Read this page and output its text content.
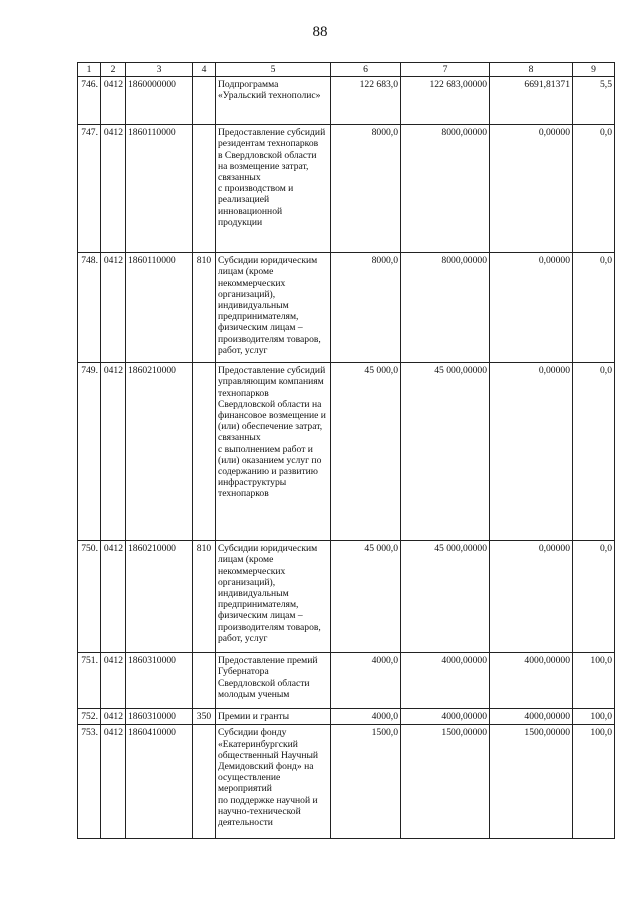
88
1	2	3	4	5	6	7	8	9
746.	0412	1860000000		Подпрограмма «Уральский технополис»	122 683,0	122 683,00000	6691,81371	5,5
747.	0412	1860110000		Предоставление субсидий резидентам технопарков
в Свердловской области на возмещение затрат, связанных
с производством и реализацией инновационной продукции	8000,0	8000,00000	0,00000	0,0
748.	0412	1860110000	810	Субсидии юридическим лицам (кроме некоммерческих организаций), индивидуальным предпринимателям, физическим лицам – производителям товаров, работ, услуг	8000,0	8000,00000	0,00000	0,0
749.	0412	1860210000		Предоставление субсидий управляющим компаниям технопарков Свердловской области на финансовое возмещение и (или) обеспечение затрат, связанных
с выполнением работ и (или) оказанием услуг по содержанию и развитию инфраструктуры технопарков	45 000,0	45 000,00000	0,00000	0,0
750.	0412	1860210000	810	Субсидии юридическим лицам (кроме некоммерческих организаций), индивидуальным предпринимателям, физическим лицам – производителям товаров, работ, услуг	45 000,0	45 000,00000	0,00000	0,0
751.	0412	1860310000		Предоставление премий Губернатора Свердловской области молодым ученым	4000,0	4000,00000	4000,00000	100,0
752.	0412	1860310000	350	Премии и гранты	4000,0	4000,00000	4000,00000	100,0
753.	0412	1860410000		Субсидии фонду «Екатеринбургский общественный Научный Демидовский фонд» на осуществление мероприятий
по поддержке научной и научно-технической деятельности	1500,0	1500,00000	1500,00000	100,0
